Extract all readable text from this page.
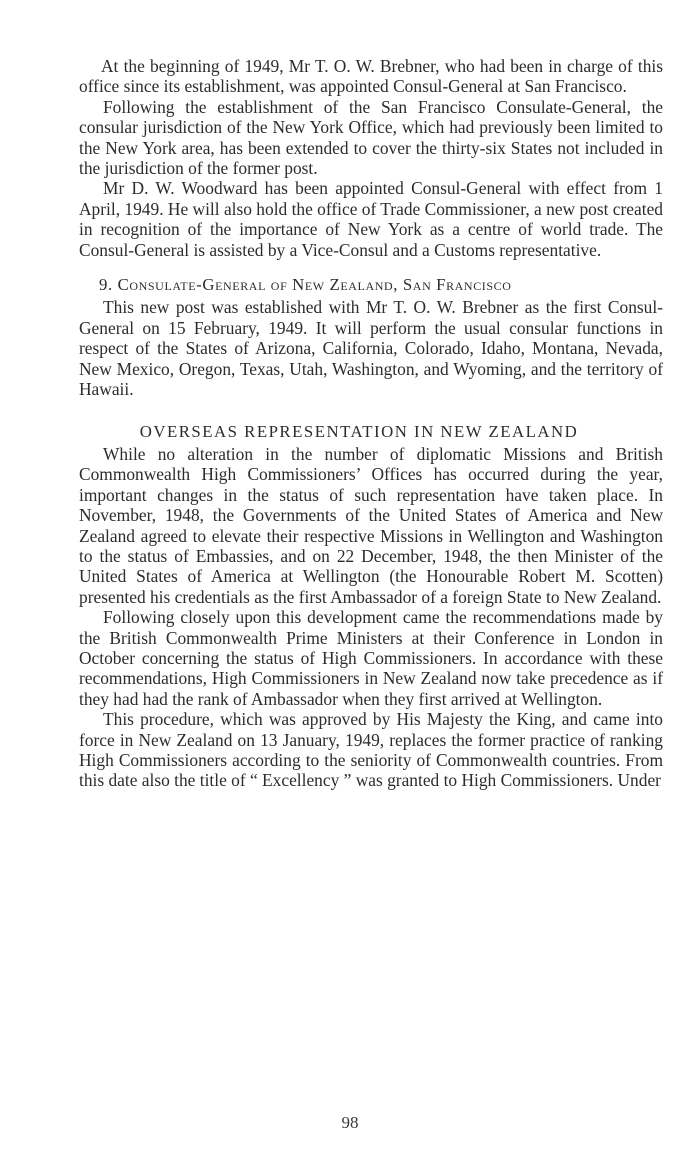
At the beginning of 1949, Mr T. O. W. Brebner, who had been in charge of this office since its establishment, was appointed Consul-General at San Francisco.

Following the establishment of the San Francisco Consulate-General, the consular jurisdiction of the New York Office, which had previously been limited to the New York area, has been extended to cover the thirty-six States not included in the jurisdiction of the former post.

Mr D. W. Woodward has been appointed Consul-General with effect from 1 April, 1949. He will also hold the office of Trade Commissioner, a new post created in recognition of the importance of New York as a centre of world trade. The Consul-General is assisted by a Vice-Consul and a Customs representative.

9. Consulate-General of New Zealand, San Francisco

This new post was established with Mr T. O. W. Brebner as the first Consul-General on 15 February, 1949. It will perform the usual consular functions in respect of the States of Arizona, California, Colorado, Idaho, Montana, Nevada, New Mexico, Oregon, Texas, Utah, Washington, and Wyoming, and the territory of Hawaii.

OVERSEAS REPRESENTATION IN NEW ZEALAND

While no alteration in the number of diplomatic Missions and British Commonwealth High Commissioners’ Offices has occurred during the year, important changes in the status of such representation have taken place. In November, 1948, the Governments of the United States of America and New Zealand agreed to elevate their respective Missions in Wellington and Washington to the status of Embassies, and on 22 December, 1948, the then Minister of the United States of America at Wellington (the Honourable Robert M. Scotten) presented his credentials as the first Ambassador of a foreign State to New Zealand.

Following closely upon this development came the recommendations made by the British Commonwealth Prime Ministers at their Conference in London in October concerning the status of High Commissioners. In accordance with these recommendations, High Commissioners in New Zealand now take precedence as if they had had the rank of Ambassador when they first arrived at Wellington.

This procedure, which was approved by His Majesty the King, and came into force in New Zealand on 13 January, 1949, replaces the former practice of ranking High Commissioners according to the seniority of Commonwealth countries. From this date also the title of “ Excellency ” was granted to High Commissioners. Under

98
